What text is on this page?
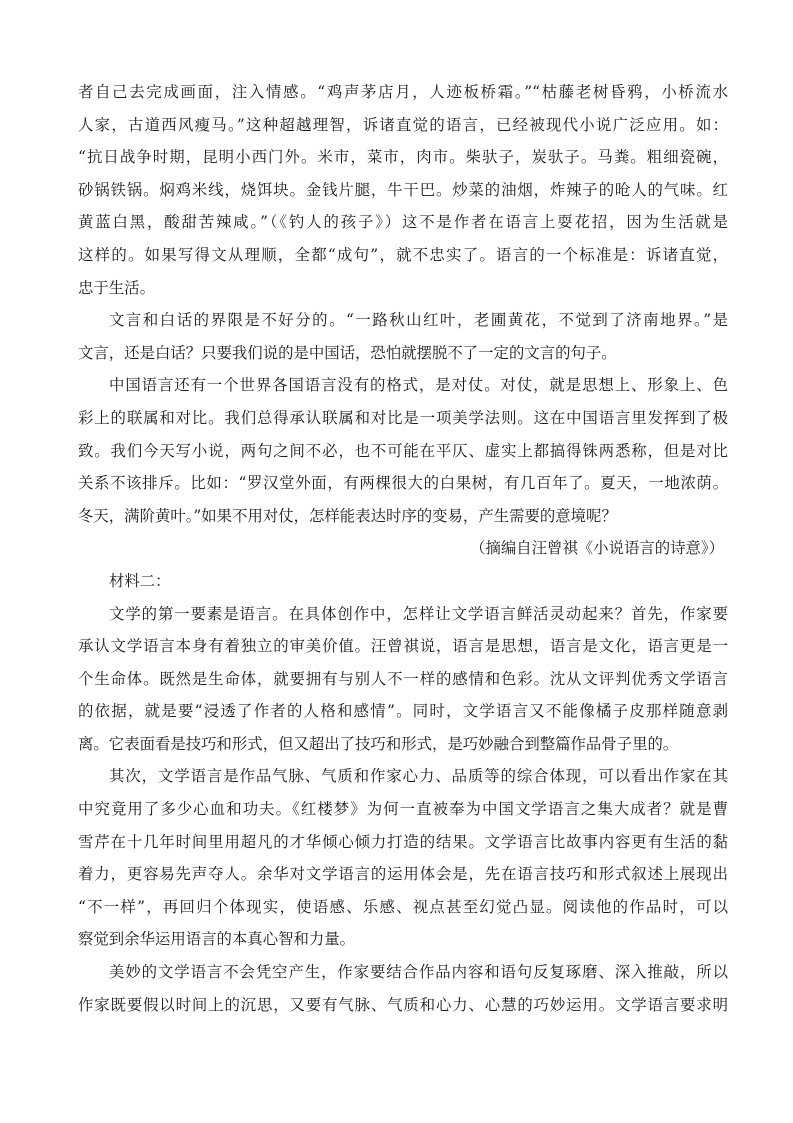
者自己去完成画面，注入情感。“鸡声茅店月，人迹板桥霜。”“枯藤老树昏鸦，小桥流水
人家，古道西风瘦马。”这种超越理智，诉诸直觉的语言，已经被现代小说广泛应用。如：
“抗日战争时期，昆明小西门外。米市，菜市，肉市。柴驮子，炭驮子。马粪。粗细瓷碗，
砂锅铁锅。焖鸡米线，烧饵块。金钱片腿，牛干巴。炒菜的油烟，炸辣子的呛人的气味。红
黄蓝白黑，酸甜苦辣咸。”（《钓人的孩子》）这不是作者在语言上耍花招，因为生活就是
这样的。如果写得文从理顺，全都“成句”，就不忠实了。语言的一个标准是：诉诸直觉，
忠于生活。
文言和白话的界限是不好分的。“一路秋山红叶，老圃黄花，不觉到了济南地界。”是
文言，还是白话？只要我们说的是中国话，恐怕就摆脱不了一定的文言的句子。
中国语言还有一个世界各国语言没有的格式，是对仗。对仗，就是思想上、形象上、色
彩上的联属和对比。我们总得承认联属和对比是一项美学法则。这在中国语言里发挥到了极
致。我们今天写小说，两句之间不必，也不可能在平仄、虚实上都搞得铢两悉称，但是对比
关系不该排斥。比如：“罗汉堂外面，有两棵很大的白果树，有几百年了。夏天，一地浓荫。
冬天，满阶黄叶。”如果不用对仗，怎样能表达时序的变易，产生需要的意境呢？
（摘编自汪曾祺《小说语言的诗意》）
材料二：
文学的第一要素是语言。在具体创作中，怎样让文学语言鲜活灵动起来？首先，作家要
承认文学语言本身有着独立的审美价值。汪曾祺说，语言是思想，语言是文化，语言更是一
个生命体。既然是生命体，就要拥有与别人不一样的感情和色彩。沈从文评判优秀文学语言
的依据，就是要“浸透了作者的人格和感情”。同时，文学语言又不能像橘子皮那样随意剥
离。它表面看是技巧和形式，但又超出了技巧和形式，是巧妙融合到整篇作品骨子里的。
其次，文学语言是作品气脉、气质和作家心力、品质等的综合体现，可以看出作家在其
中究竟用了多少心血和功夫。《红楼梦》为何一直被奉为中国文学语言之集大成者？就是曹
雪芹在十几年时间里用超凡的才华倾心倾力打造的结果。文学语言比故事内容更有生活的黏
着力，更容易先声夺人。余华对文学语言的运用体会是，先在语言技巧和形式叙述上展现出
“不一样”，再回归个体现实，使语感、乐感、视点甚至幻觉凸显。阅读他的作品时，可以
察觉到余华运用语言的本真心智和力量。
美妙的文学语言不会凭空产生，作家要结合作品内容和语句反复琢磨、深入推敲，所以
作家既要假以时间上的沉思，又要有气脉、气质和心力、心慧的巧妙运用。文学语言要求明
